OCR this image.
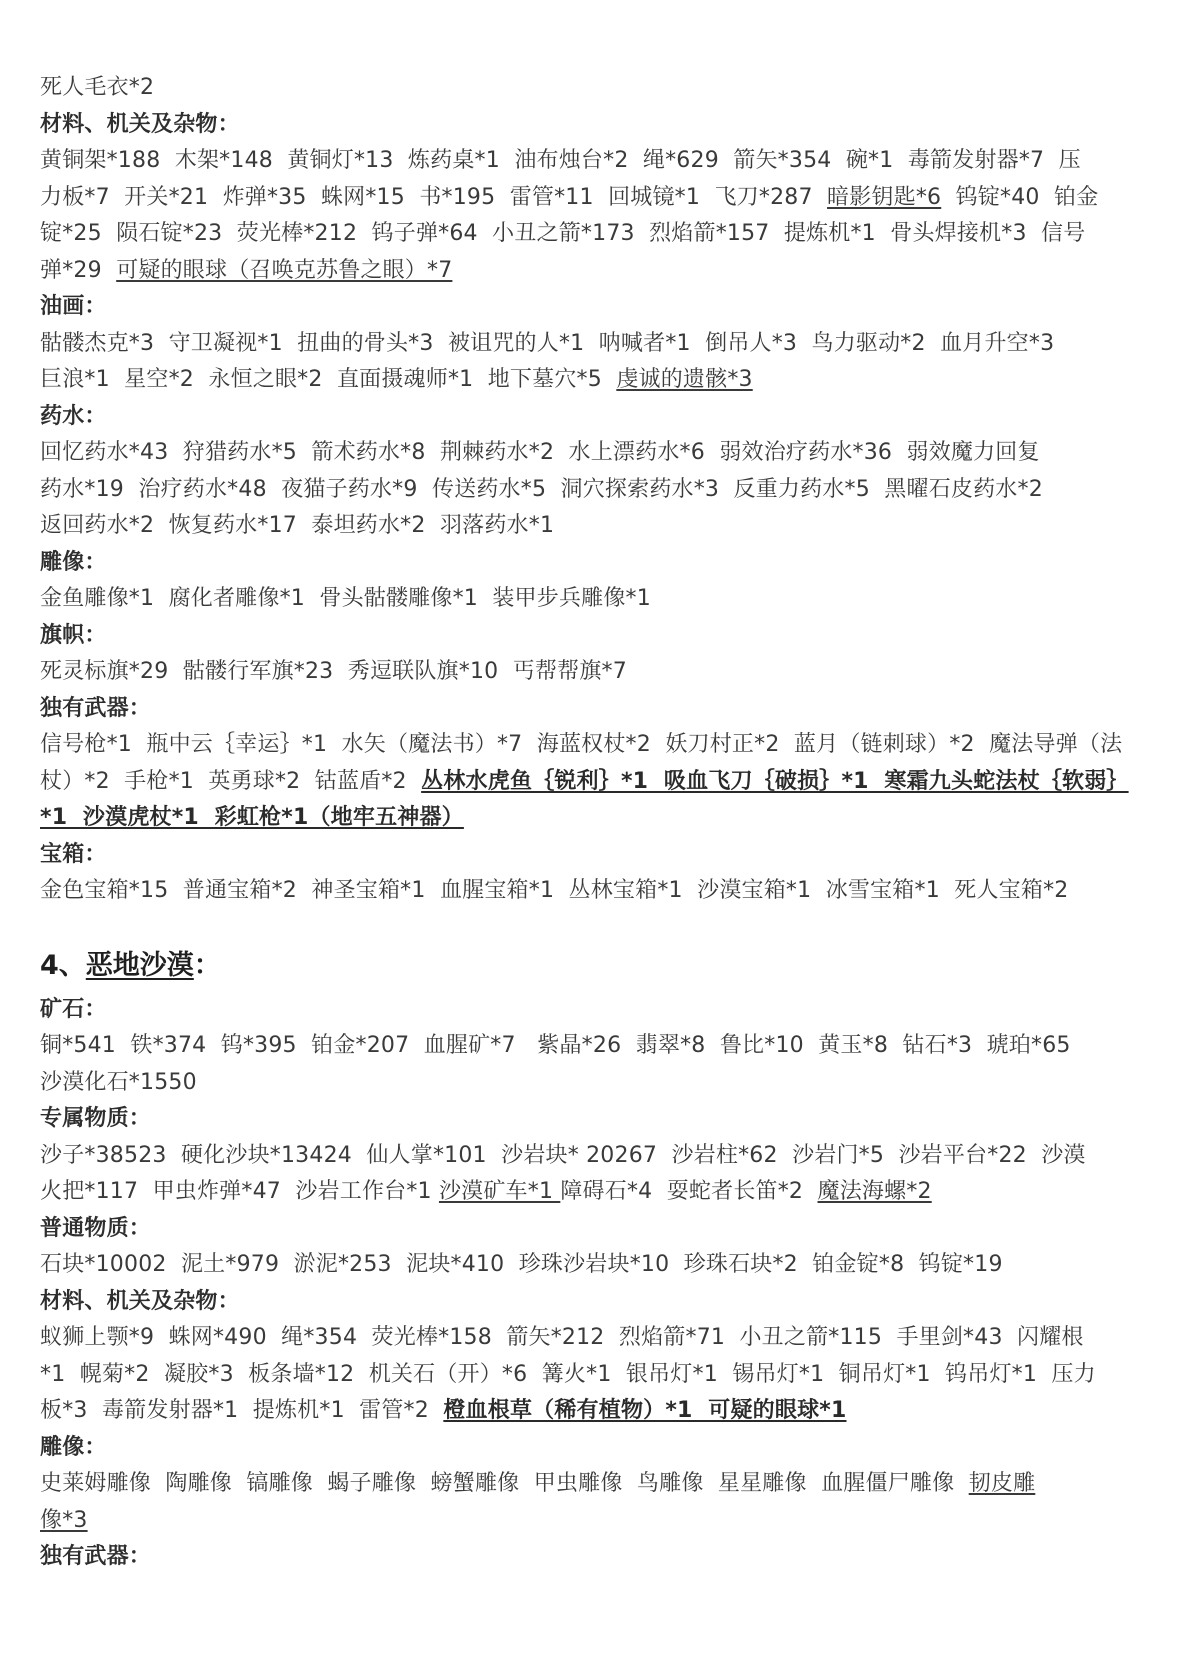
死人毛衣*2
材料、机关及杂物：
黄铜架*188  木架*148  黄铜灯*13  炼药桌*1  油布烛台*2  绳*629  箭矢*354  碗*1  毒箭发射器*7  压
力板*7  开关*21  炸弹*35  蛛网*15  书*195  雷管*11  回城镜*1  飞刀*287  暗影钥匙*6  钨锭*40  铂金
锭*25  陨石锭*23  荧光棒*212  钨子弹*64  小丑之箭*173  烈焰箭*157  提炼机*1  骨头焊接机*3  信号
弹*29  可疑的眼球（召唤克苏鲁之眼）*7
油画：
骷髅杰克*3  守卫凝视*1  扭曲的骨头*3  被诅咒的人*1  呐喊者*1  倒吊人*3  鸟力驱动*2  血月升空*3
巨浪*1  星空*2  永恒之眼*2  直面摄魂师*1  地下墓穴*5  虔诚的遗骸*3
药水：
回忆药水*43  狩猎药水*5  箭术药水*8  荆棘药水*2  水上漂药水*6  弱效治疗药水*36  弱效魔力回复
药水*19  治疗药水*48  夜猫子药水*9  传送药水*5  洞穴探索药水*3  反重力药水*5  黑曜石皮药水*2
返回药水*2  恢复药水*17  泰坦药水*2  羽落药水*1
雕像：
金鱼雕像*1  腐化者雕像*1  骨头骷髅雕像*1  装甲步兵雕像*1
旗帜：
死灵标旗*29  骷髅行军旗*23  秀逗联队旗*10  丐帮帮旗*7
独有武器：
信号枪*1  瓶中云｛幸运｝*1  水矢（魔法书）*7  海蓝权杖*2  妖刀村正*2  蓝月（链刺球）*2  魔法导弹（法
杖）*2  手枪*1  英勇球*2  钴蓝盾*2  丛林水虎鱼｛锐利｝*1  吸血飞刀｛破损｝*1  寒霜九头蛇法杖｛软弱｝
*1  沙漠虎杖*1  彩虹枪*1（地牢五神器）
宝箱：
金色宝箱*15  普通宝箱*2  神圣宝箱*1  血腥宝箱*1  丛林宝箱*1  沙漠宝箱*1  冰雪宝箱*1  死人宝箱*2
4、恶地沙漠：
矿石：
铜*541  铁*374  钨*395  铂金*207  血腥矿*7   紫晶*26  翡翠*8  鲁比*10  黄玉*8  钻石*3  琥珀*65
沙漠化石*1550
专属物质：
沙子*38523  硬化沙块*13424  仙人掌*101  沙岩块* 20267  沙岩柱*62  沙岩门*5  沙岩平台*22  沙漠
火把*117  甲虫炸弹*47  沙岩工作台*1 沙漠矿车*1 障碍石*4  耍蛇者长笛*2  魔法海螺*2
普通物质：
石块*10002  泥土*979  淤泥*253  泥块*410  珍珠沙岩块*10  珍珠石块*2  铂金锭*8  钨锭*19
材料、机关及杂物：
蚁狮上颚*9  蛛网*490  绳*354  荧光棒*158  箭矢*212  烈焰箭*71  小丑之箭*115  手里剑*43  闪耀根
*1  幌菊*2  凝胶*3  板条墙*12  机关石（开）*6  篝火*1  银吊灯*1  锡吊灯*1  铜吊灯*1  钨吊灯*1  压力
板*3  毒箭发射器*1  提炼机*1  雷管*2  橙血根草（稀有植物）*1  可疑的眼球*1
雕像：
史莱姆雕像  陶雕像  镐雕像  蝎子雕像  螃蟹雕像  甲虫雕像  鸟雕像  星星雕像  血腥僵尸雕像  韧皮雕
像*3
独有武器：
